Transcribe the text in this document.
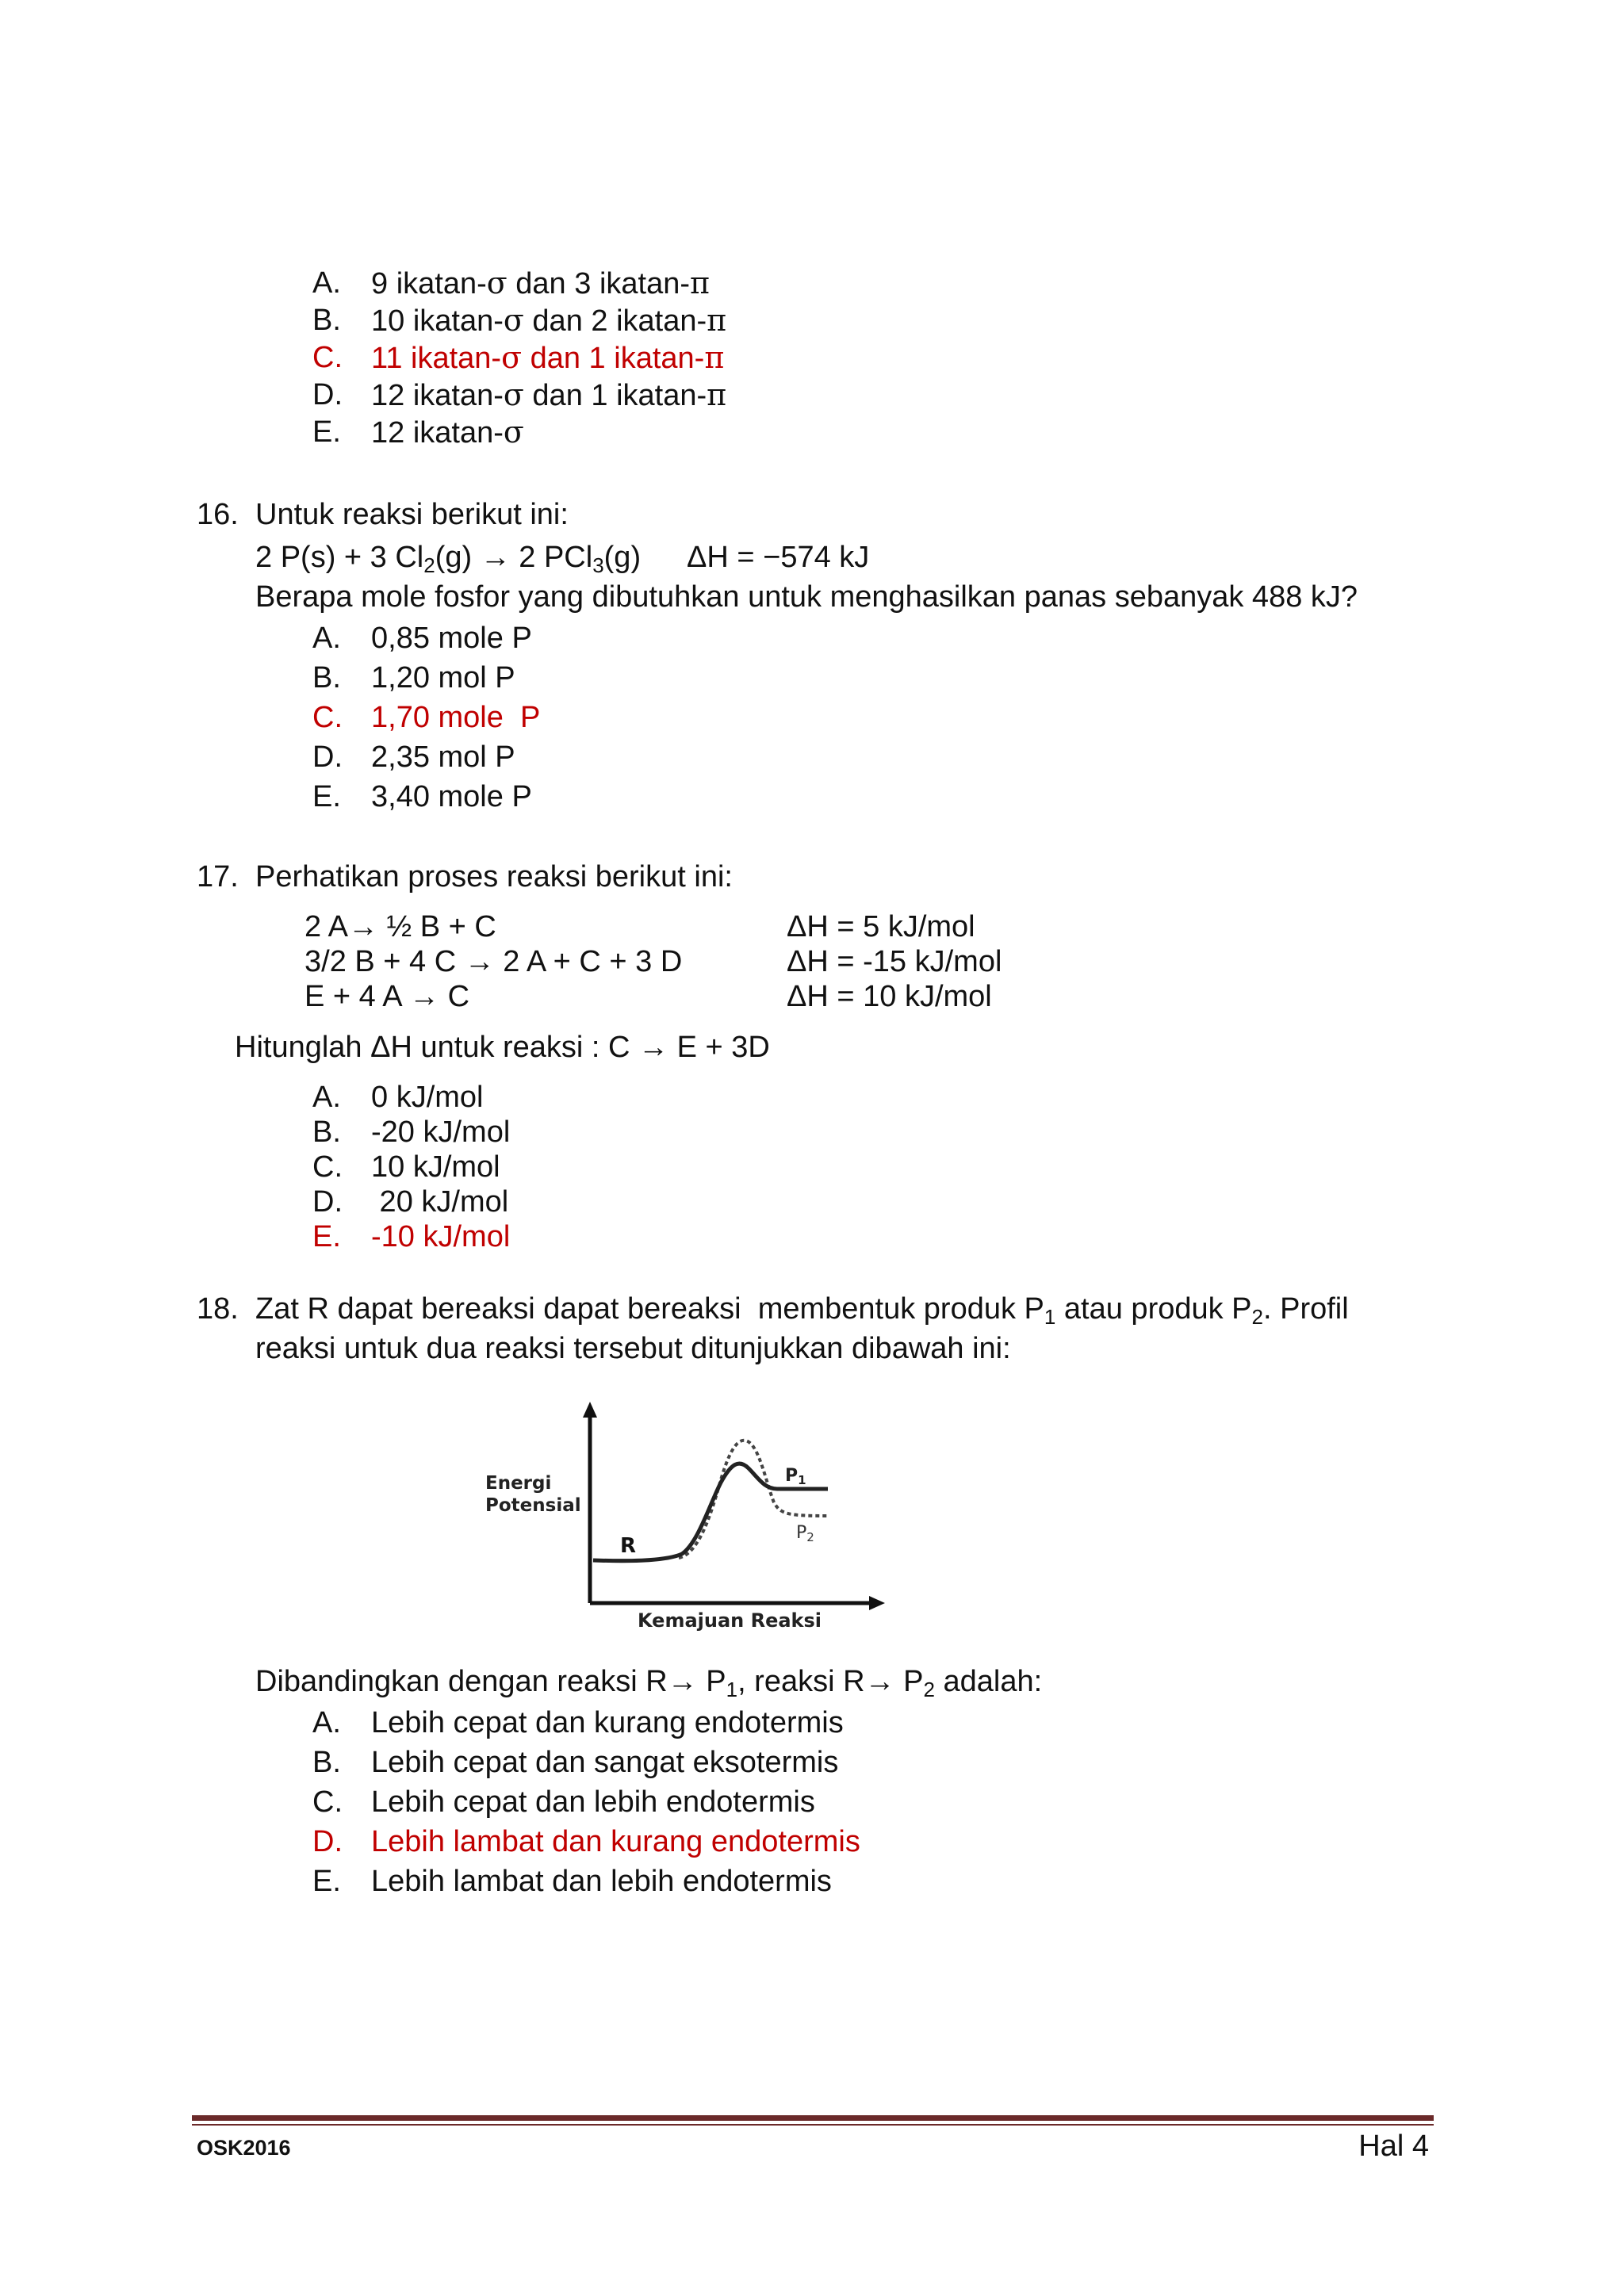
A.	9 ikatan-σ dan 3 ikatan-π
B.	10 ikatan-σ dan 2 ikatan-π
C. 11 ikatan-σ dan 1 ikatan-π
D. 12 ikatan-σ dan 1 ikatan-π
E.	12 ikatan-σ
16. Untuk reaksi berikut ini:
2 P(s) + 3 $Cl_2(g) \to 2$ PCl$_3$(g) ΔH = −574 kJ
Berapa mole fosfor yang dibutuhkan untuk menghasilkan panas sebanyak 488 kJ?
A.	0,85 mole P
B.	1,20 mol P
C. 1,70 mole  P
D. 2,35 mol P
E.	3,40 mole P
17. Perhatikan proses reaksi berikut ini:
2 A→ ½ B + C	ΔH = 5 kJ/mol
3/2 B + 4 C → 2 A + C + 3 D	ΔH = -15 kJ/mol
E + 4 A → C	ΔH = 10 kJ/mol
Hitunglah ΔH untuk reaksi : C → E + 3D
A.	0 kJ/mol
B.	-20 kJ/mol
C. 10 kJ/mol
D. 20 kJ/mol
E.	-10 kJ/mol
18. Zat R dapat bereaksi dapat bereaksi  membentuk produk $P_1$ atau produk $P_2$. Profil
reaksi untuk dua reaksi tersebut ditunjukkan dibawah ini:
Energi
Potensial
R
P1
P2
Kemajuan Reaksi
Dibandingkan dengan reaksi $R\to P_1$, reaksi $R\to P_2$ adalah:
A.	Lebih cepat dan kurang endotermis
B.	Lebih cepat dan sangat eksotermis
C. Lebih cepat dan lebih endotermis
D. Lebih lambat dan kurang endotermis
E.	Lebih lambat dan lebih endotermis
OSK2016	Hal 4
